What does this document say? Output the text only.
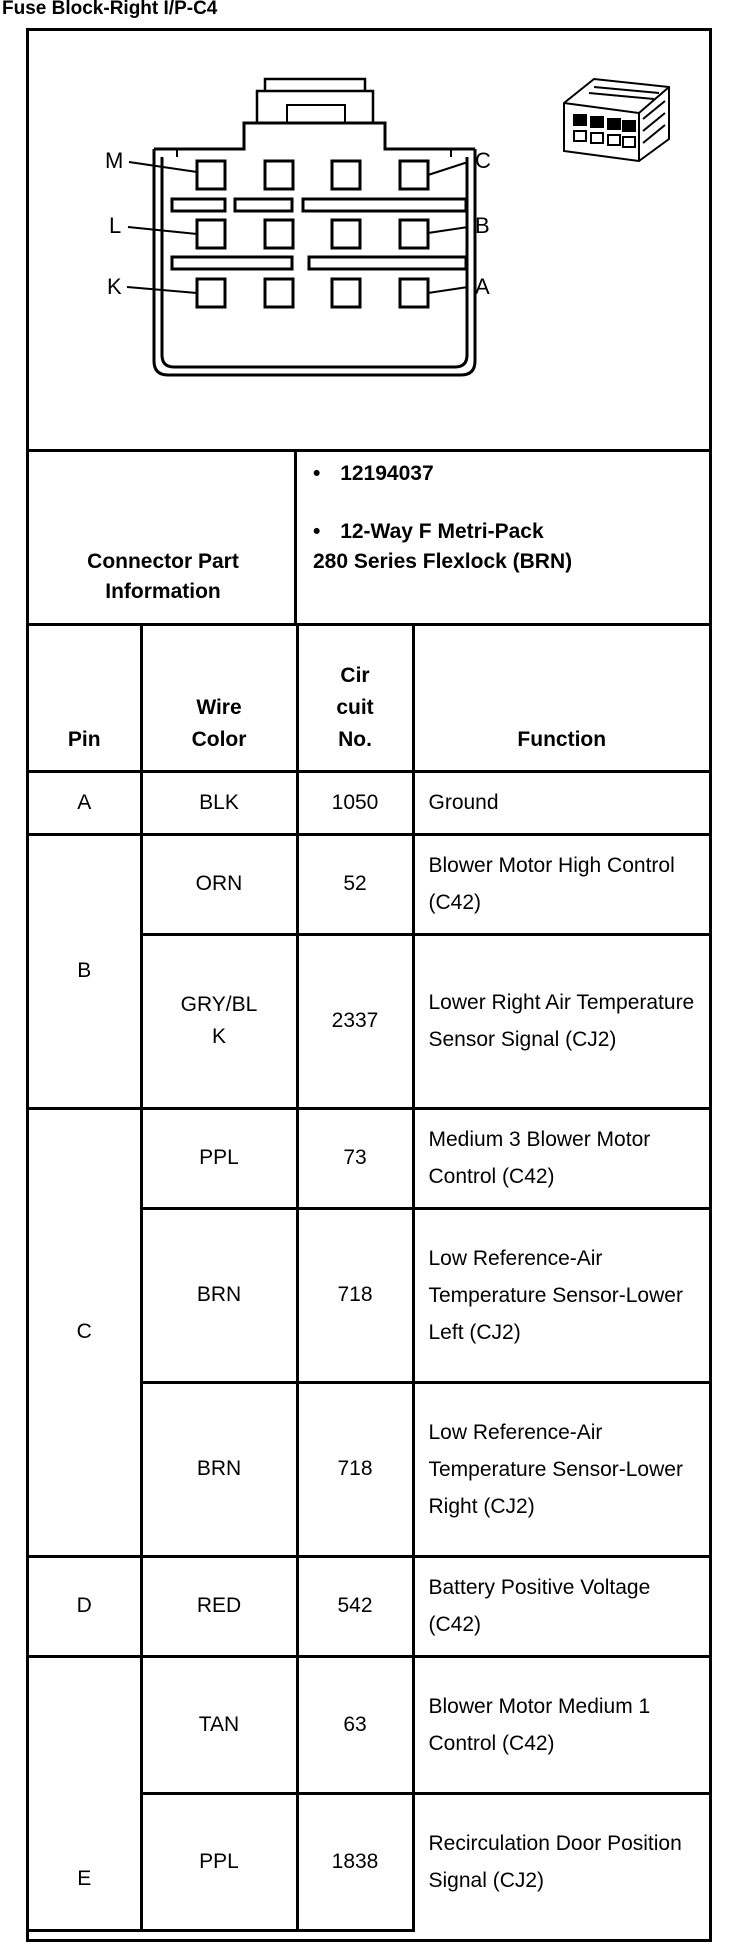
Fuse Block-Right I/P-C4
M	C
L	B
K	A
Connector Part Information
• 12194037
• 12-Way F Metri-Pack
280 Series Flexlock (BRN)
Pin	Wire Color	Cir cuit No.	Function
A	BLK	1050	Ground
B	ORN	52	Blower Motor High Control (C42)

	GRY/BLK	2337	Lower Right Air Temperature Sensor Signal (CJ2)
C	PPL	73	Medium 3 Blower Motor Control (C42)
	BRN	718	Low Reference-Air Temperature Sensor-Lower Left (CJ2)
	BRN	718	Low Reference-Air Temperature Sensor-Lower Right (CJ2)
D	RED	542	Battery Positive Voltage (C42)
E	TAN	63	Blower Motor Medium 1 Control (C42)
	PPL	1838	Recirculation Door Position Signal (CJ2)
